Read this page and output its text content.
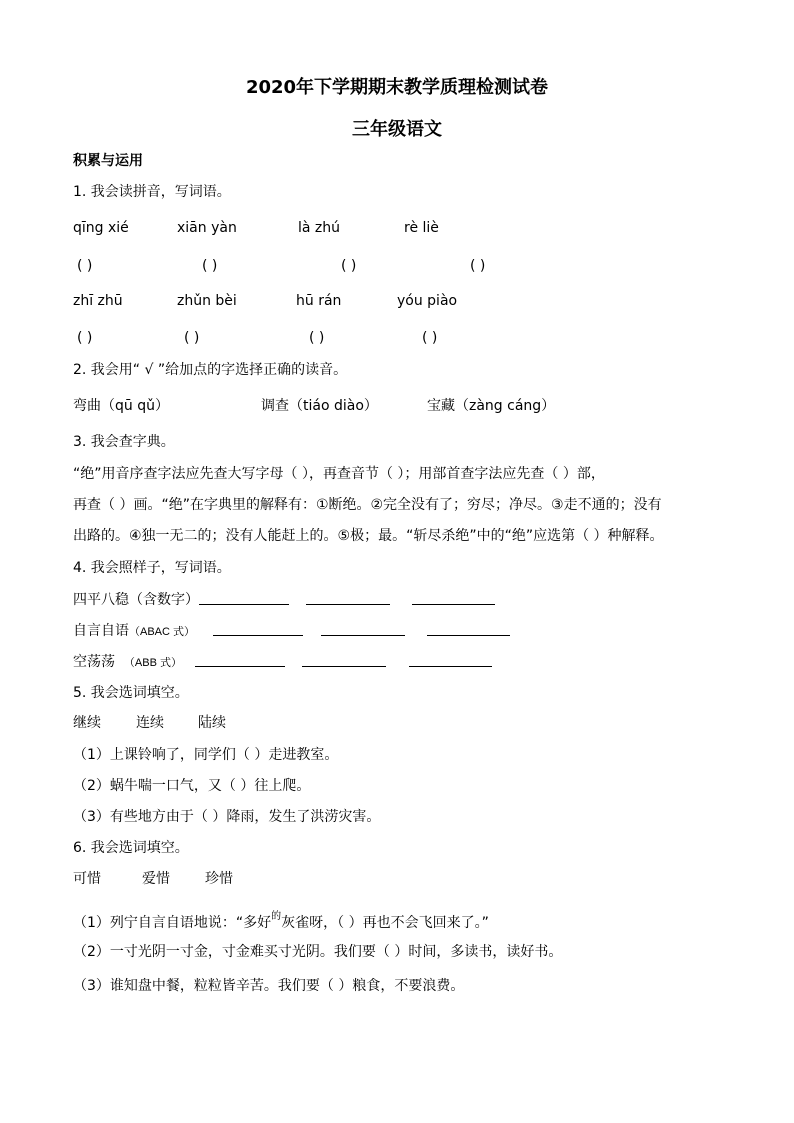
2020年下学期期末教学质理检测试卷
三年级语文
积累与运用
1. 我会读拼音，写词语。
qīng xié	xiān yàn	là zhú	rè liè
( )	( )	( )	( )
zhī zhū	zhǔn bèi	hū rán	yóu piào
( )	( )	( )	( )
2. 我会用“ √ ”给加点的字选择正确的读音。
弯曲（qū qǔ）	调查（tiáo diào）	宝藏（zàng cáng）
3. 我会查字典。
“绝”用音序查字法应先查大写字母（ ），再查音节（ ）；用部首查字法应先查（ ）部，
再查（ ）画。“绝”在字典里的解释有：①断绝。②完全没有了；穷尽；净尽。③走不通的；没有
出路的。④独一无二的；没有人能赶上的。⑤极；最。“斩尽杀绝”中的“绝”应选第（ ）种解释。
4. 我会照样子，写词语。
四平八稳（含数字）
自言自语（ABAC 式）
空荡荡 （ABB 式）
5. 我会选词填空。
继续	连续 陆续
（1）上课铃响了，同学们（ ）走进教室。
（2）蜗牛喘一口气，又（ ）往上爬。
（3）有些地方由于（ ）降雨，发生了洪涝灾害。
6. 我会选词填空。
可惜	爱惜	珍惜
（1）列宁自言自语地说：“多好$^的$灰雀呀，（ ）再也不会飞回来了。”
（2）一寸光阴一寸金，寸金难买寸光阴。我们要（ ）时间，多读书，读好书。
（3）谁知盘中餐，粒粒皆辛苦。我们要（ ）粮食，不要浪费。
